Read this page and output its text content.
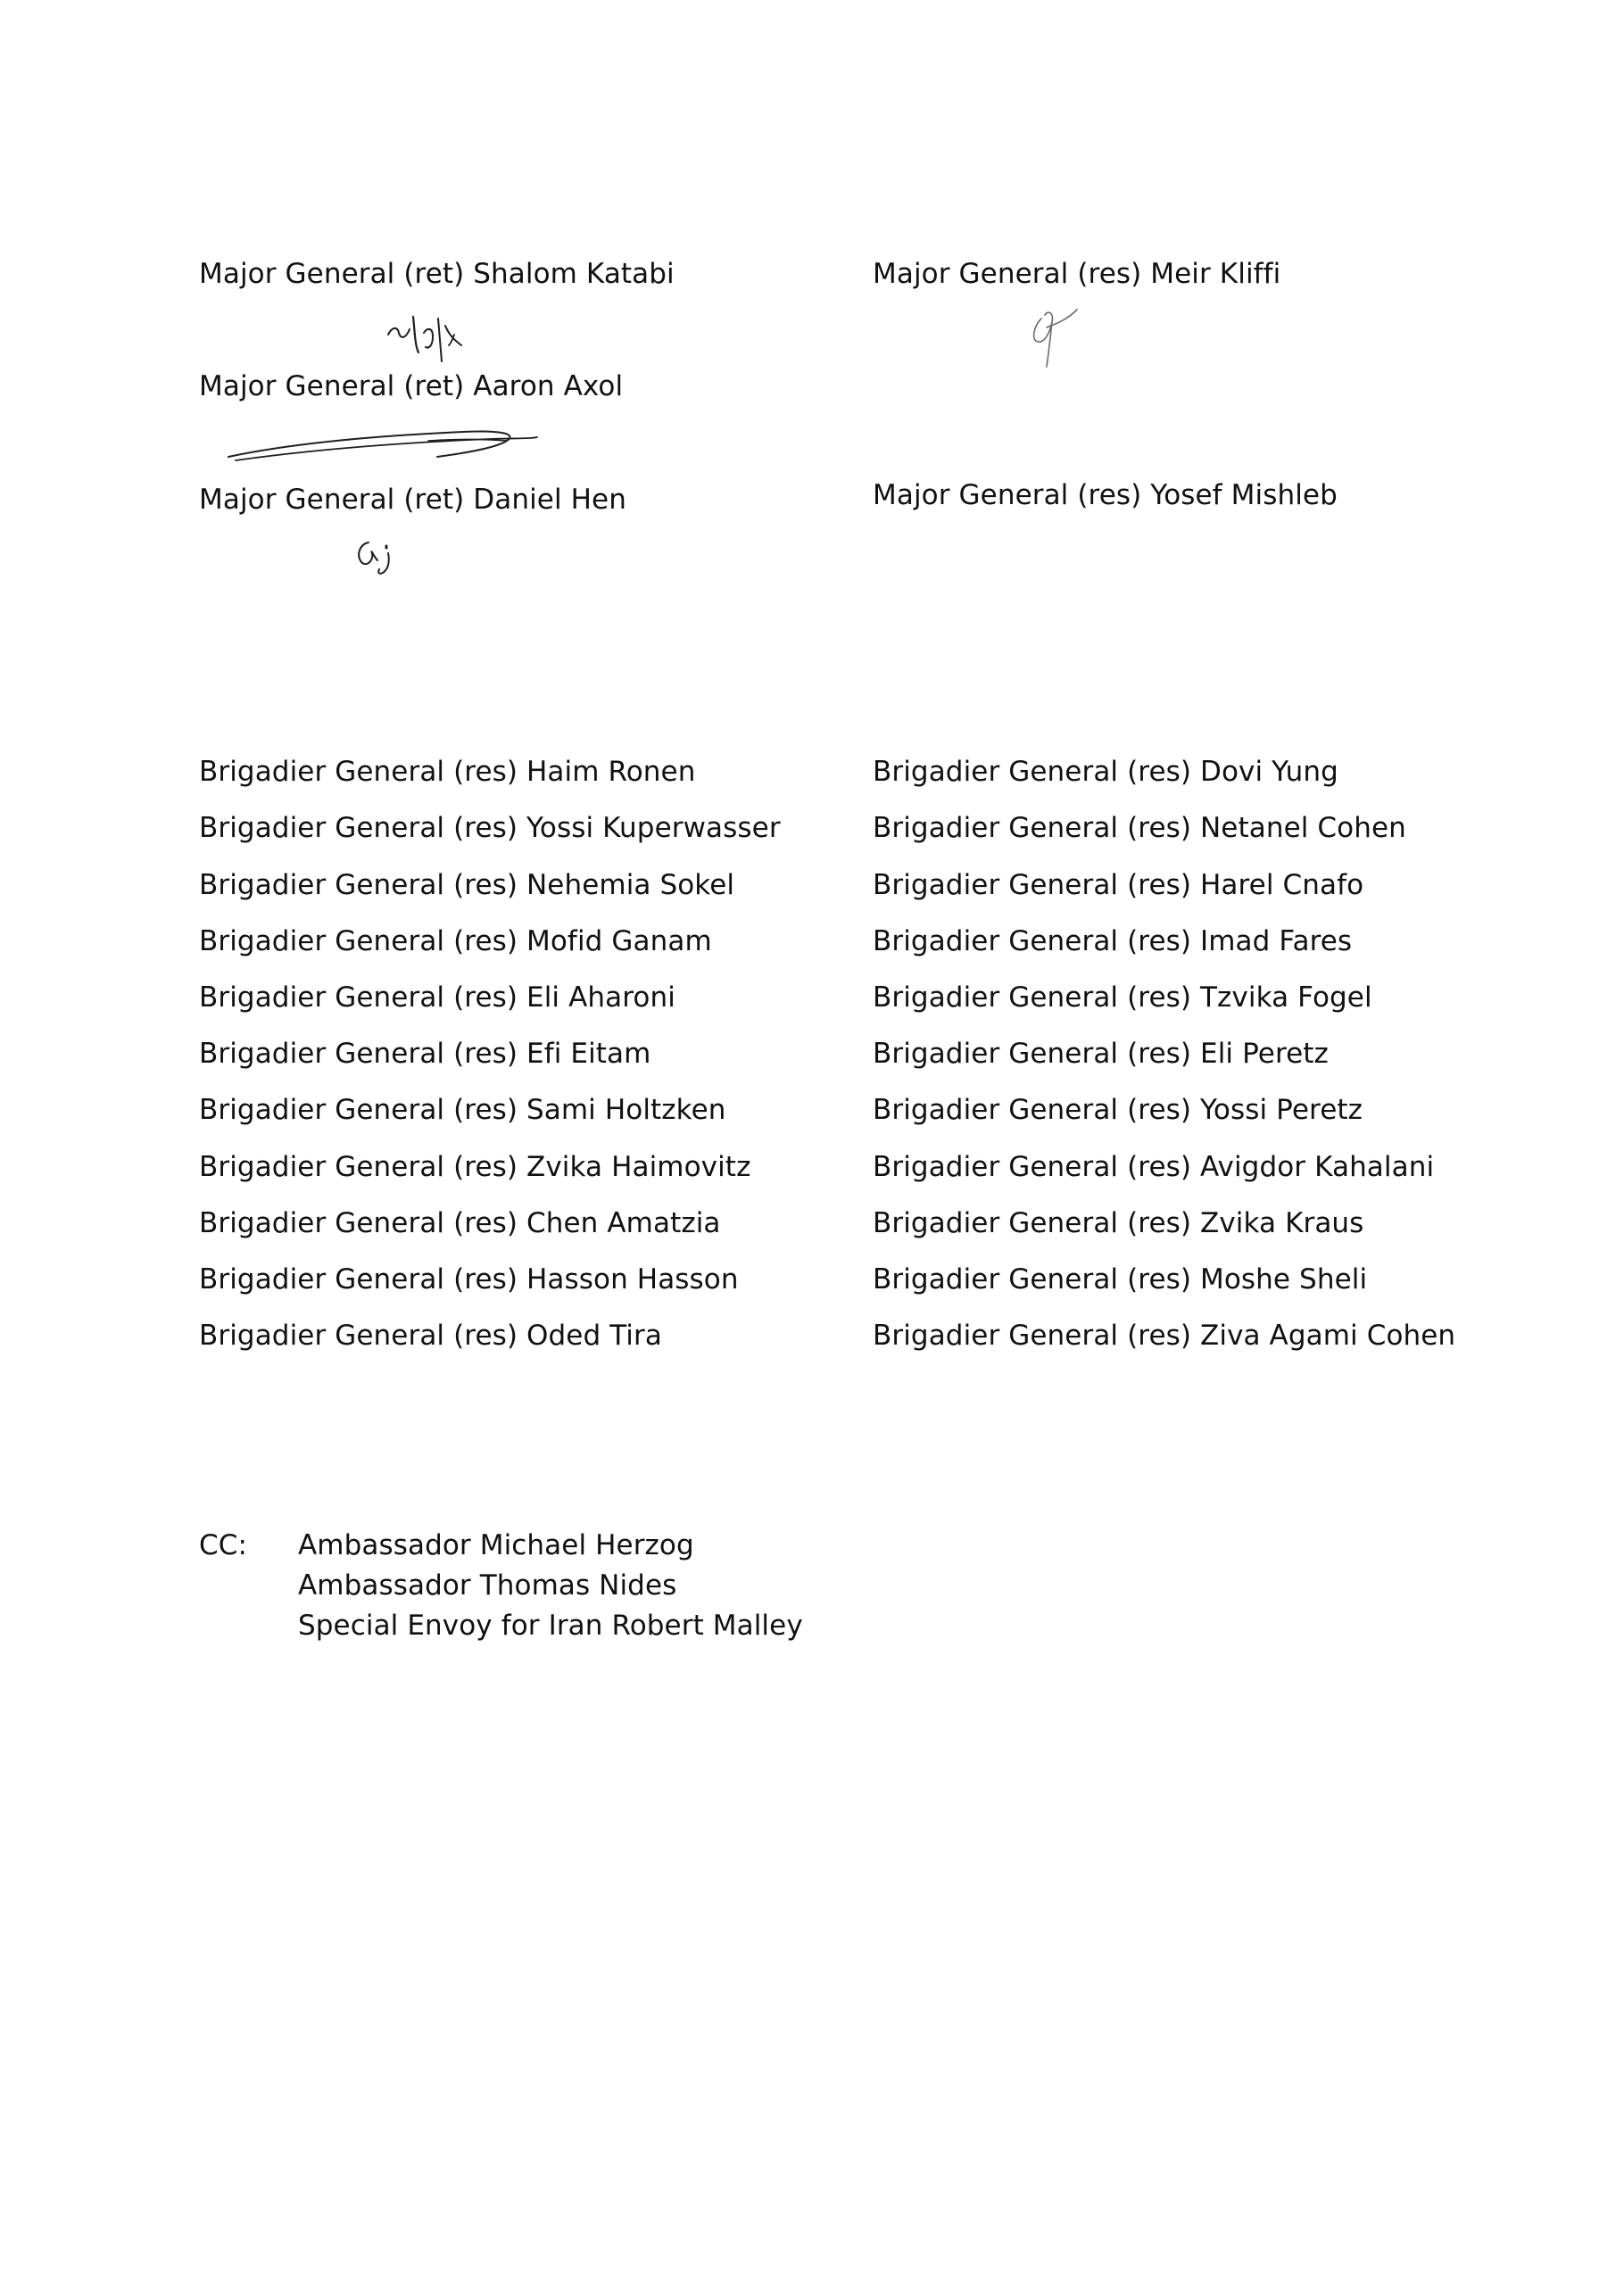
Major General (ret) Shalom Katabi
Major General (ret) Aaron Axol
Major General (ret) Daniel Hen
Major General (res) Meir Kliffi
Major General (res) Yosef Mishleb
Brigadier General (res) Haim Ronen
Brigadier General (res) Yossi Kuperwasser
Brigadier General (res) Nehemia Sokel
Brigadier General (res) Mofid Ganam
Brigadier General (res) Eli Aharoni
Brigadier General (res) Efi Eitam
Brigadier General (res) Sami Holtzken
Brigadier General (res) Zvika Haimovitz
Brigadier General (res) Chen Amatzia
Brigadier General (res) Hasson Hasson
Brigadier General (res) Oded Tira
Brigadier General (res) Dovi Yung
Brigadier General (res) Netanel Cohen
Brigadier General (res) Harel Cnafo
Brigadier General (res) Imad Fares
Brigadier General (res) Tzvika Fogel
Brigadier General (res) Eli Peretz
Brigadier General (res) Yossi Peretz
Brigadier General (res) Avigdor Kahalani
Brigadier General (res) Zvika Kraus
Brigadier General (res) Moshe Sheli
Brigadier General (res) Ziva Agami Cohen
CC: Ambassador Michael Herzog
Ambassador Thomas Nides
Special Envoy for Iran Robert Malley
